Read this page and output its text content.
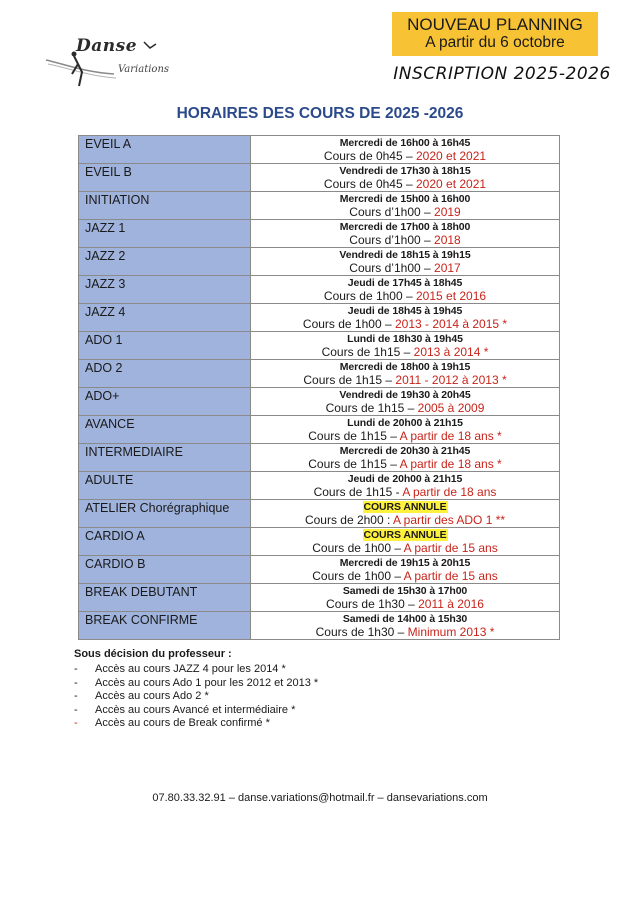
Danse
Variations
NOUVEAU PLANNING
A partir du 6 octobre
INSCRIPTION 2025-2026
HORAIRES DES COURS DE 2025 -2026
EVEIL A	Mercredi de 16h00 à 16h45
Cours de 0h45 – 2020 et 2021

EVEIL B	Vendredi de 17h30 à 18h15
Cours de 0h45 – 2020 et 2021

INITIATION	Mercredi de 15h00 à 16h00
Cours d’1h00 – 2019

JAZZ 1	Mercredi de 17h00 à 18h00
Cours d’1h00 – 2018

JAZZ 2	Vendredi de 18h15 à 19h15
Cours d’1h00 – 2017

JAZZ 3	Jeudi de 17h45 à 18h45
Cours de 1h00 – 2015 et 2016

JAZZ 4	Jeudi de 18h45 à 19h45
Cours de 1h00 – 2013 - 2014 à 2015 *

ADO 1	Lundi de 18h30 à 19h45
Cours de 1h15 – 2013 à 2014 *

ADO 2	Mercredi de 18h00 à 19h15
Cours de 1h15 – 2011 - 2012 à 2013 *

ADO+	Vendredi de 19h30 à 20h45
Cours de 1h15 – 2005 à 2009

AVANCE	Lundi de 20h00 à 21h15
Cours de 1h15 – A partir de 18 ans *

INTERMEDIAIRE	Mercredi de 20h30 à 21h45
Cours de 1h15 – A partir de 18 ans *

ADULTE	Jeudi de 20h00 à 21h15
Cours de 1h15 - A partir de 18 ans

ATELIER Chorégraphique	COURS ANNULE
Cours de 2h00 : A partir des ADO 1 **

CARDIO A	COURS ANNULE
Cours de 1h00 – A partir de 15 ans

CARDIO B	Mercredi de 19h15 à 20h15
Cours de 1h00 – A partir de 15 ans

BREAK DEBUTANT	Samedi de 15h30 à 17h00
Cours de 1h30 – 2011 à 2016

BREAK CONFIRME	Samedi de 14h00 à 15h30
Cours de 1h30 – Minimum 2013 *
Sous décision du professeur :
- Accès au cours JAZZ 4 pour les 2014 *
- Accès au cours Ado 1 pour les 2012 et 2013 *
- Accès au cours Ado 2 *
- Accès au cours Avancé et intermédiaire *
- Accès au cours de Break confirmé *
07.80.33.32.91 – danse.variations@hotmail.fr – dansevariations.com
